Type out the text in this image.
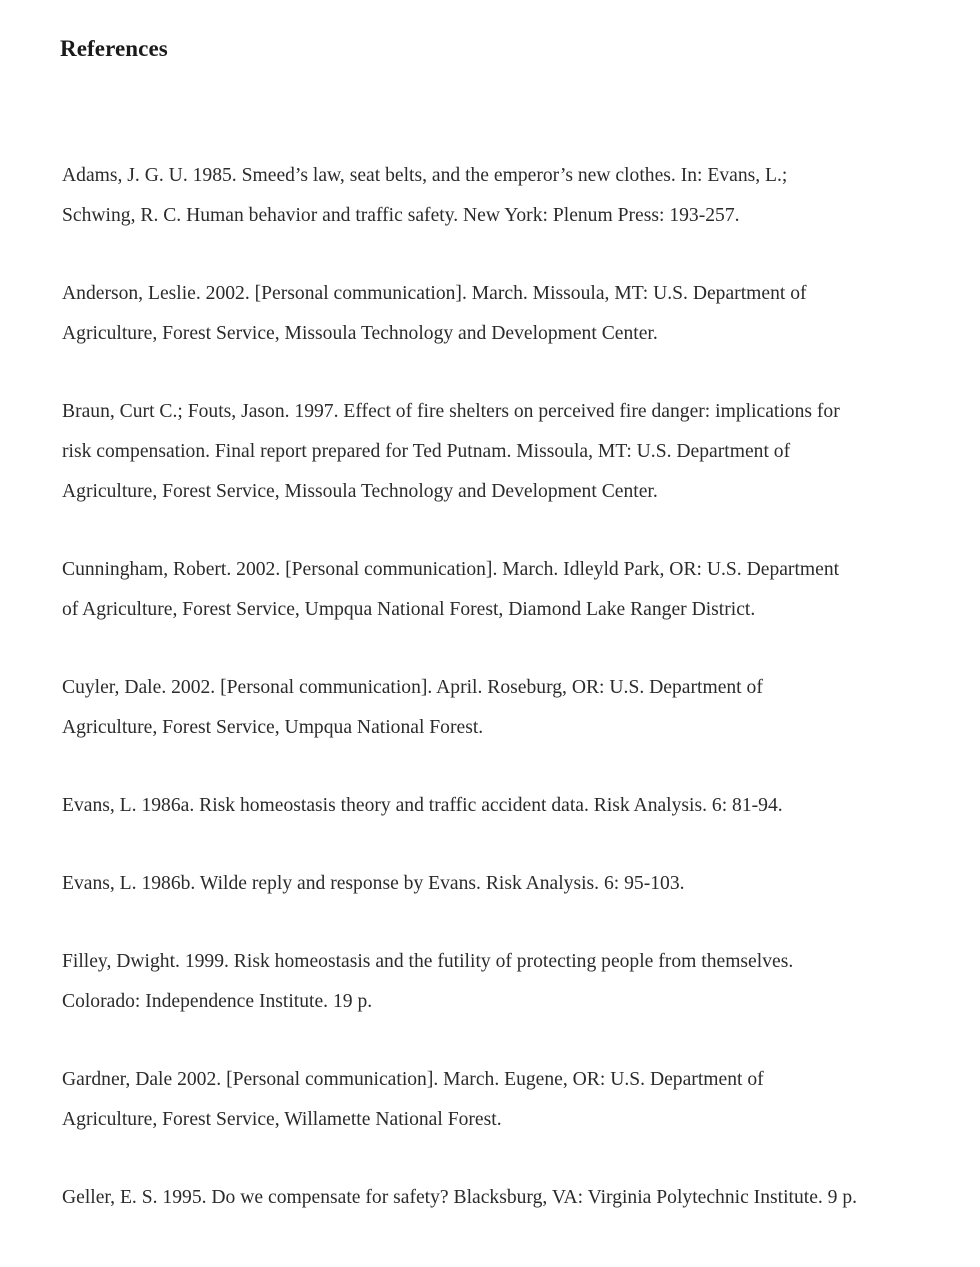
References
Adams, J. G. U. 1985. Smeed’s law, seat belts, and the emperor’s new clothes. In: Evans, L.;
Schwing, R. C. Human behavior and traffic safety. New York: Plenum Press: 193-257.
Anderson, Leslie. 2002. [Personal communication]. March. Missoula, MT: U.S. Department of
Agriculture, Forest Service, Missoula Technology and Development Center.
Braun, Curt C.; Fouts, Jason. 1997. Effect of fire shelters on perceived fire danger: implications for
risk compensation. Final report prepared for Ted Putnam. Missoula, MT: U.S. Department of
Agriculture, Forest Service, Missoula Technology and Development Center.
Cunningham, Robert. 2002. [Personal communication]. March. Idleyld Park, OR: U.S. Department
of Agriculture, Forest Service, Umpqua National Forest, Diamond Lake Ranger District.
Cuyler, Dale. 2002. [Personal communication]. April. Roseburg, OR: U.S. Department of
Agriculture, Forest Service, Umpqua National Forest.
Evans, L. 1986a. Risk homeostasis theory and traffic accident data. Risk Analysis. 6: 81-94.
Evans, L. 1986b. Wilde reply and response by Evans. Risk Analysis. 6: 95-103.
Filley, Dwight. 1999. Risk homeostasis and the futility of protecting people from themselves.
Colorado: Independence Institute. 19 p.
Gardner, Dale 2002. [Personal communication]. March. Eugene, OR: U.S. Department of
Agriculture, Forest Service, Willamette National Forest.
Geller, E. S. 1995. Do we compensate for safety? Blacksburg, VA: Virginia Polytechnic Institute. 9 p.
